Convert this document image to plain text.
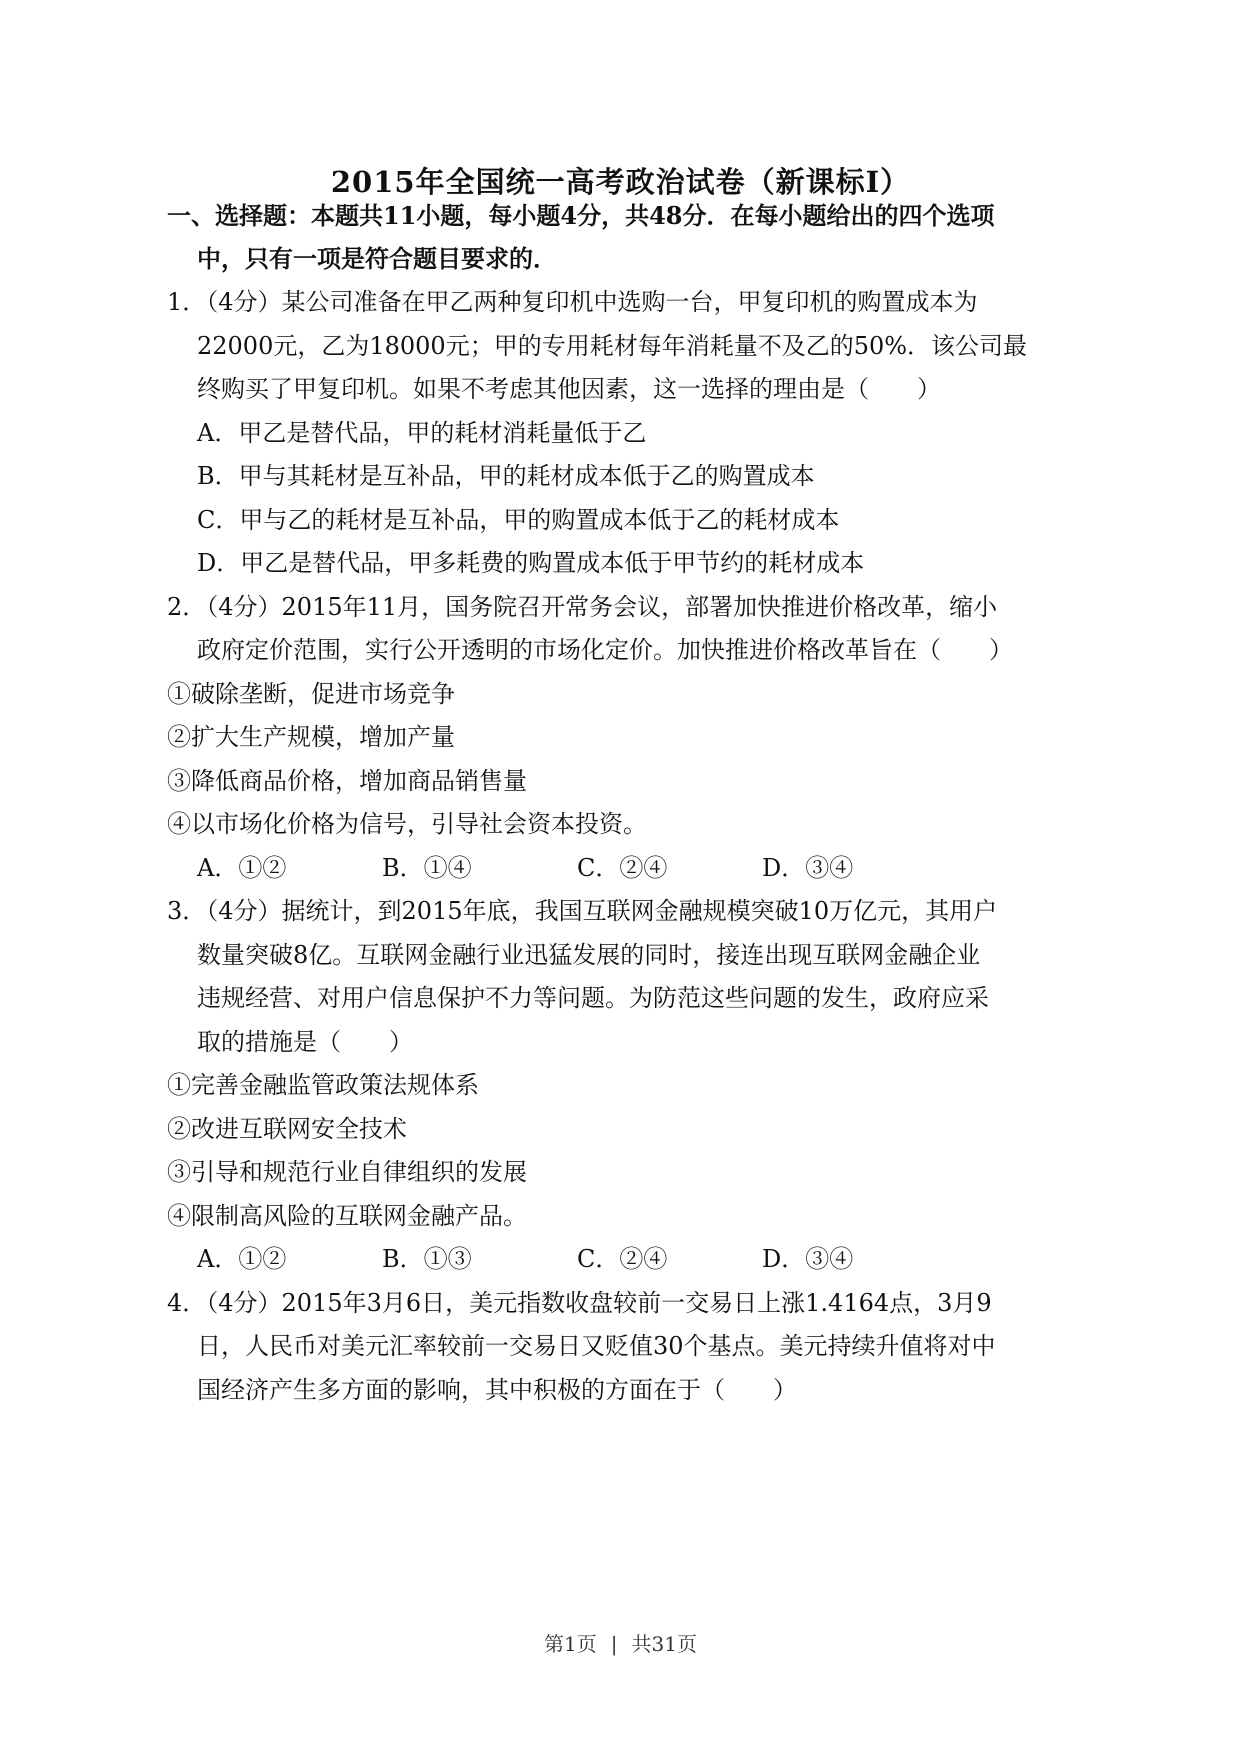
2015年全国统一高考政治试卷（新课标Ⅰ）
一、选择题：本题共11小题，每小题4分，共48分．在每小题给出的四个选项
中，只有一项是符合题目要求的．
1．（4分）某公司准备在甲乙两种复印机中选购一台，甲复印机的购置成本为
22000元，乙为18000元；甲的专用耗材每年消耗量不及乙的50%．该公司最
终购买了甲复印机。如果不考虑其他因素，这一选择的理由是（　　）
A．甲乙是替代品，甲的耗材消耗量低于乙
B．甲与其耗材是互补品，甲的耗材成本低于乙的购置成本
C．甲与乙的耗材是互补品，甲的购置成本低于乙的耗材成本
D．甲乙是替代品，甲多耗费的购置成本低于甲节约的耗材成本
2．（4分）2015年11月，国务院召开常务会议，部署加快推进价格改革，缩小
政府定价范围，实行公开透明的市场化定价。加快推进价格改革旨在（　　）
①破除垄断，促进市场竞争
②扩大生产规模，增加产量
③降低商品价格，增加商品销售量
④以市场化价格为信号，引导社会资本投资。
A．①②	B．①④	C．②④	D．③④
3．（4分）据统计，到2015年底，我国互联网金融规模突破10万亿元，其用户
数量突破8亿。互联网金融行业迅猛发展的同时，接连出现互联网金融企业
违规经营、对用户信息保护不力等问题。为防范这些问题的发生，政府应采
取的措施是（　　）
①完善金融监管政策法规体系
②改进互联网安全技术
③引导和规范行业自律组织的发展
④限制高风险的互联网金融产品。
A．①②	B．①③	C．②④	D．③④
4．（4分）2015年3月6日，美元指数收盘较前一交易日上涨1.4164点，3月9
日，人民币对美元汇率较前一交易日又贬值30个基点。美元持续升值将对中
国经济产生多方面的影响，其中积极的方面在于（　　）
第1页 | 共31页
